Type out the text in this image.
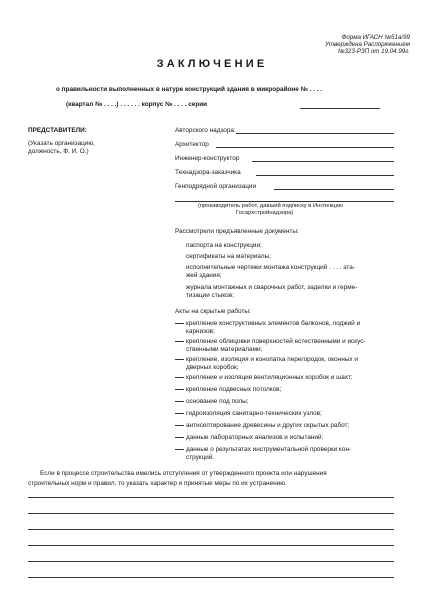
Форма ИГАСН №51а/99
Утверждена Распоряжением
№323-РЗП от 19.04.99г.
ЗАКЛЮЧЕНИЕ
о правильности выполненных в натуре конструкций здания в микрорайоне № . . . .
(квартал № . . . .) . . . . . . корпус № . . . . серии
ПРЕДСТАВИТЕЛИ:
(Указать организацию,
должность, Ф. И. О.)
Авторского надзора:
Архитектор
Инженер-конструктор
Технадзора-заказчика
Генподрядной организации
(производитель работ, давший подписку в Инспекцию
Госархстройнадзора)
Рассмотрели предъявленные документы:
паспорта на конструкции;
сертификаты на материалы;
исполнительные чертежи монтажа конструкций . . . . эта-
жей здания;
журнала монтажных и сварочных работ, заделки и герме-
тизации стыков;
Акты на скрытые работы:
крепление конструктивных элементов балконов, лоджий и
карнизов;
крепление облицовки поверхностей естественными и искус-
ственными материалами;
крепление, изоляция и конопатка перегородок, оконных и
дверных коробок;
крепление и изоляция вентиляционных коробок и шахт;
крепление подвесных потолков;
основание под полы;
гидроизоляция санитарно-технических узлов;
антисептирование древесины и других скрытых работ;
данные лабораторных анализов и испытаний;
данные о результатах инструментальной проверки кон-
струкций.
Если в процессе строительства имелись отступления от утвержденного проекта или нарушения
строительных норм и правил, то указать характер и принятые меры по их устранению.
